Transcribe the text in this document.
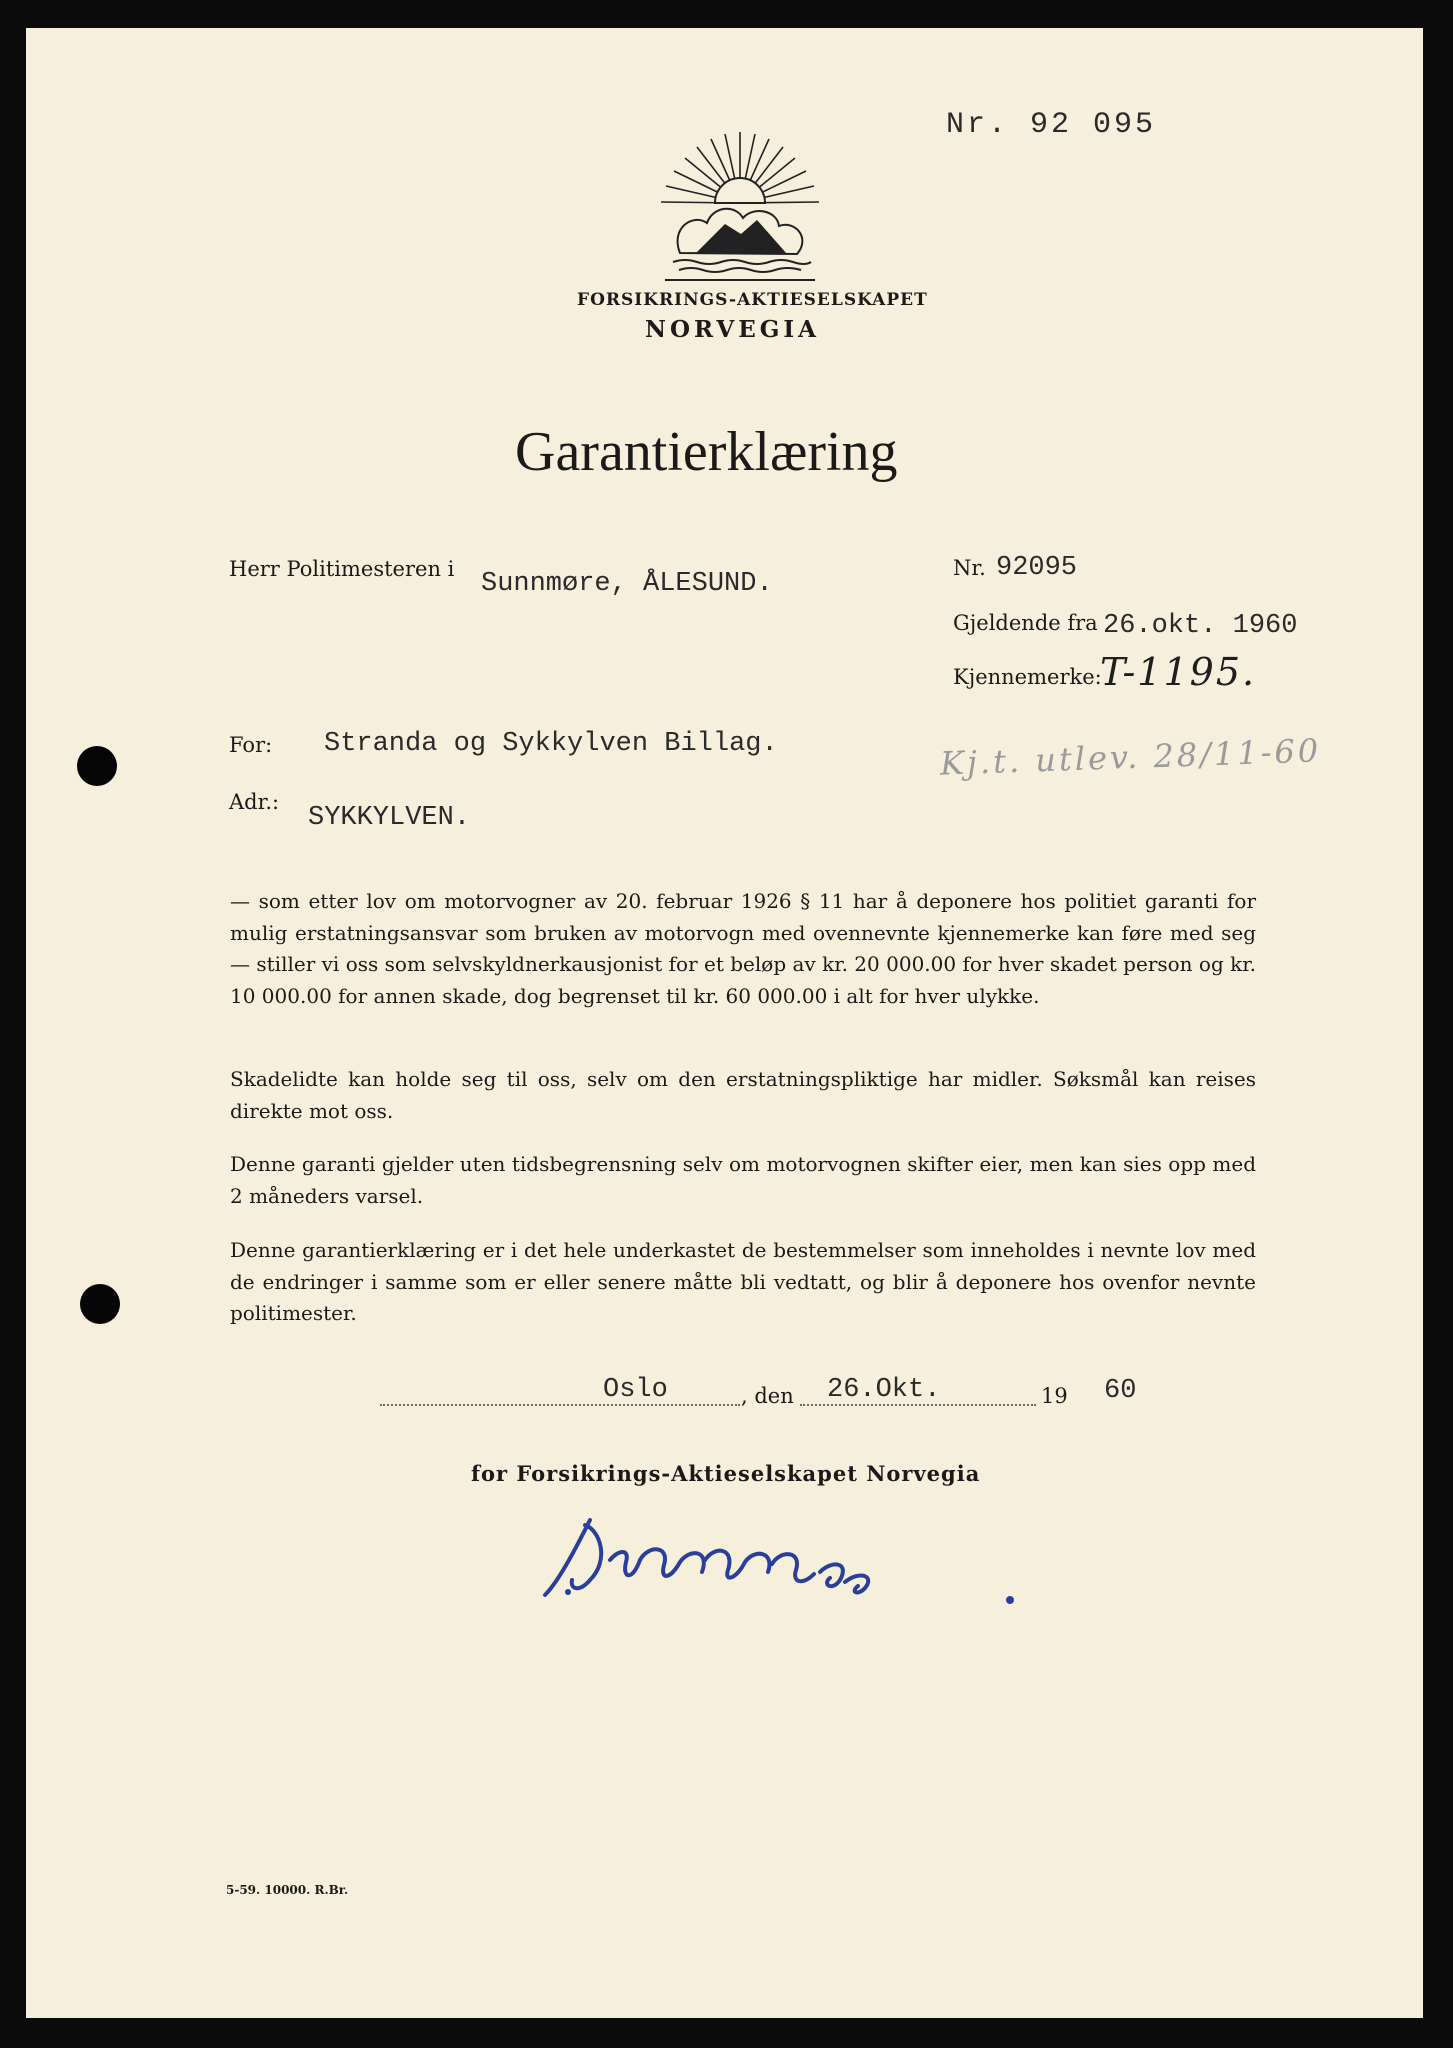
Nr. 92 095
FORSIKRINGS-AKTIESELSKAPET
NORVEGIA
Garantierklæring
Herr Politimesteren i Sunnmøre, ÅLESUND.
Nr. 92095
Gjeldende fra 26.okt. 1960
Kjennemerke:
T-1195.
For: Stranda og Sykkylven Billag.	Kj.t. utlev. 28/11-60
Adr.:
SYKKYLVEN.
— som etter lov om motorvogner av 20. februar 1926 § 11 har å deponere hos politiet garanti for mulig erstatningsansvar som bruken av motorvogn med ovennevnte kjennemerke kan føre med seg — stiller vi oss som selvskyldnerkausjonist for et beløp av kr. 20 000.00 for hver skadet person og kr. 10 000.00 for annen skade, dog begrenset til kr. 60 000.00 i alt for hver ulykke.
Skadelidte kan holde seg til oss, selv om den erstatningspliktige har midler. Søksmål kan reises direkte mot oss.
Denne garanti gjelder uten tidsbegrensning selv om motorvognen skifter eier, men kan sies opp med 2 måneders varsel.
Denne garantierklæring er i det hele underkastet de bestemmelser som inneholdes i nevnte lov med de endringer i samme som er eller senere måtte bli vedtatt, og blir å deponere hos ovenfor nevnte politimester.
Oslo	, den 26.Okt.	19 60
for Forsikrings-Aktieselskapet Norvegia
5-59. 10000. R.Br.
